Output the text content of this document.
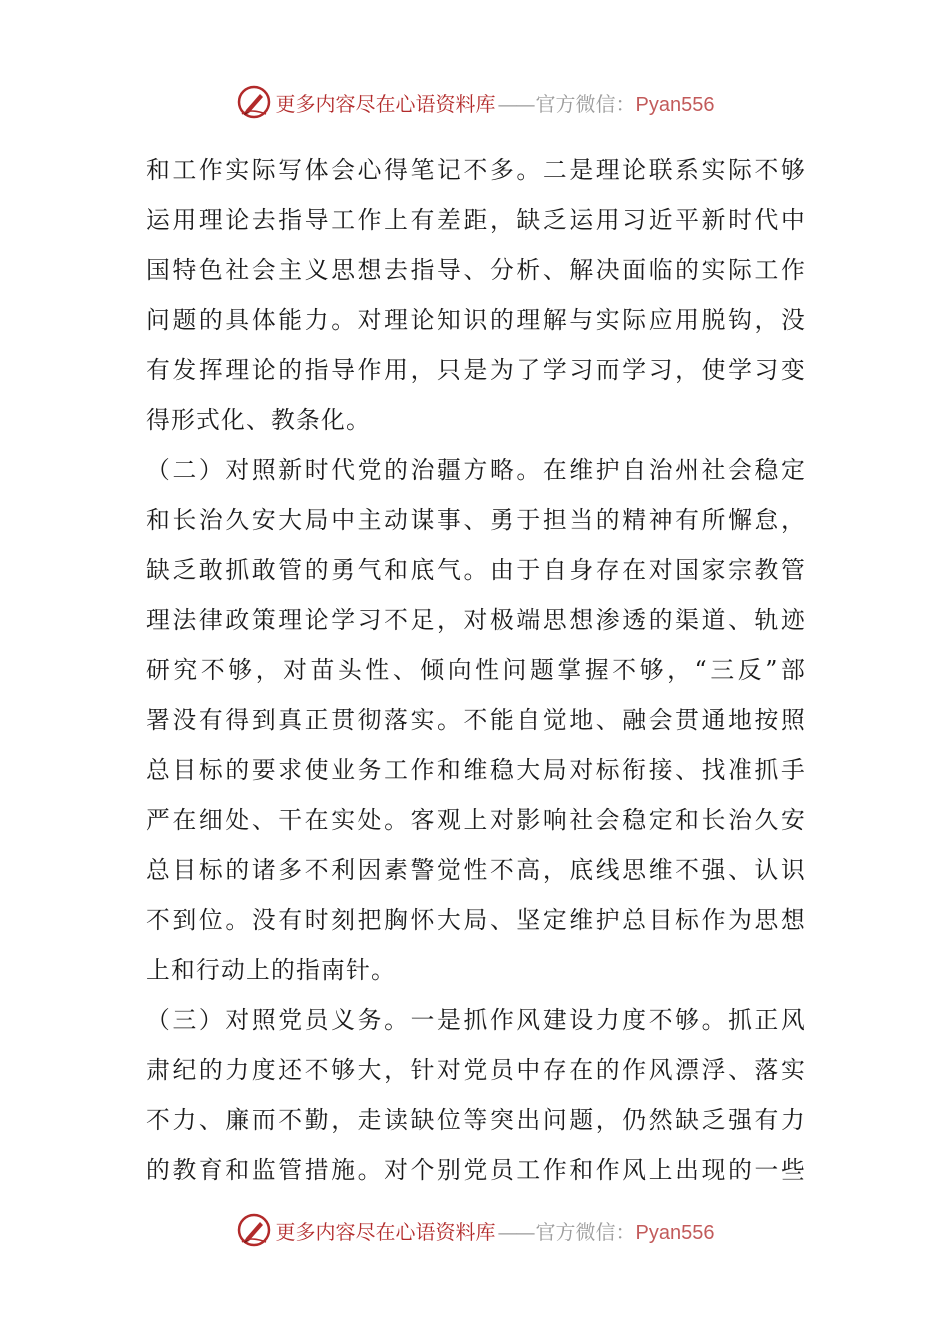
更多内容尽在心语资料库 —— 官方微信：Pyan556
和工作实际写体会心得笔记不多。二是理论联系实际不够
运用理论去指导工作上有差距，缺乏运用习近平新时代中
国特色社会主义思想去指导、分析、解决面临的实际工作
问题的具体能力。对理论知识的理解与实际应用脱钩，没
有发挥理论的指导作用，只是为了学习而学习，使学习变
得形式化、教条化。
（二）对照新时代党的治疆方略。在维护自治州社会稳定
和长治久安大局中主动谋事、勇于担当的精神有所懈怠，
缺乏敢抓敢管的勇气和底气。由于自身存在对国家宗教管
理法律政策理论学习不足，对极端思想渗透的渠道、轨迹
研究不够，对苗头性、倾向性问题掌握不够，“三反”部
署没有得到真正贯彻落实。不能自觉地、融会贯通地按照
总目标的要求使业务工作和维稳大局对标衔接、找准抓手
严在细处、干在实处。客观上对影响社会稳定和长治久安
总目标的诸多不利因素警觉性不高，底线思维不强、认识
不到位。没有时刻把胸怀大局、坚定维护总目标作为思想
上和行动上的指南针。
（三）对照党员义务。一是抓作风建设力度不够。抓正风
肃纪的力度还不够大，针对党员中存在的作风漂浮、落实
不力、廉而不勤，走读缺位等突出问题，仍然缺乏强有力
的教育和监管措施。对个别党员工作和作风上出现的一些
更多内容尽在心语资料库 —— 官方微信：Pyan556
